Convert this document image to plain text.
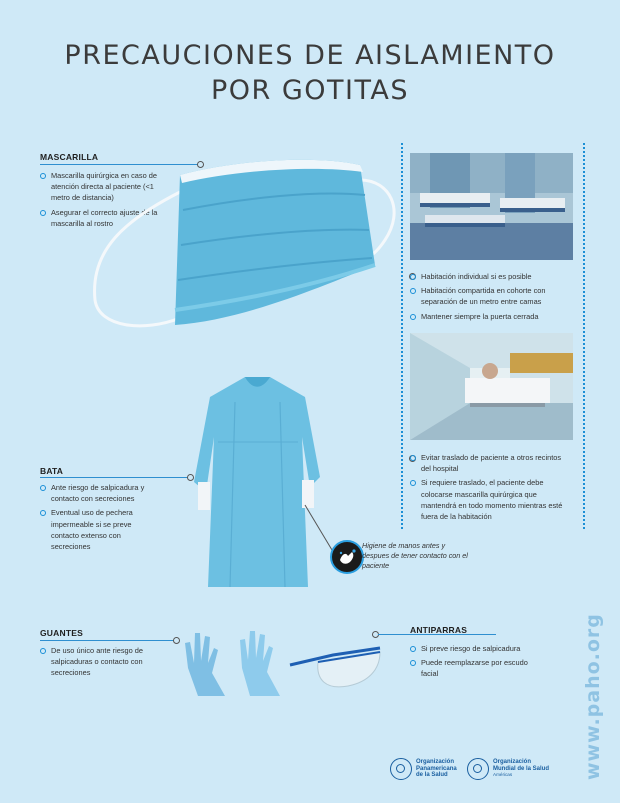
PRECAUCIONES DE AISLAMIENTO
POR GOTITAS
MASCARILLA
Mascarilla quirúrgica en caso de atención directa al paciente (<1 metro de distancia)
Asegurar el correcto ajuste de la mascarilla al rostro
Habitación individual si es posible
Habitación compartida en cohorte con separación de un metro entre camas
Mantener siempre la puerta cerrada
Evitar traslado de paciente a otros recintos del hospital
Si requiere traslado, el paciente debe colocarse mascarilla quirúrgica que mantendrá en todo momento mientras esté fuera de la habitación
BATA
Ante riesgo de salpicadura y contacto con secreciones
Eventual uso de pechera impermeable si se preve contacto extenso con secreciones	Higiene de manos antes y despues de tener contacto con el paciente
GUANTES
De uso único ante riesgo de salpicaduras o contacto con secreciones
ANTIPARRAS
Si preve riesgo de salpicadura
Puede reemplazarse por escudo facial	www.paho.org
Organización
Panamericana
de la Salud
Organización
Mundial de la Salud
Américas
